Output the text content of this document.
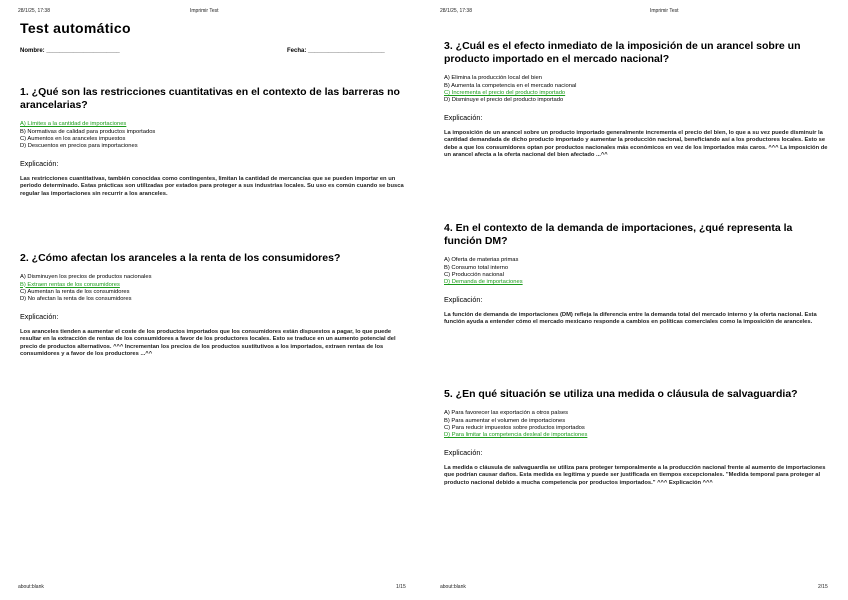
28/1/25, 17:38	Imprimir Test
Test automático
Nombre: ______________________	Fecha: _______________________
1. ¿Qué son las restricciones cuantitativas en el contexto de las barreras no arancelarias?
A) Límites a la cantidad de importaciones
B) Normativas de calidad para productos importados
C) Aumentos en los aranceles impuestos
D) Descuentos en precios para importaciones
Explicación:
Las restricciones cuantitativas, también conocidas como contingentes, limitan la cantidad de mercancías que se pueden importar en un periodo determinado. Estas prácticas son utilizadas por estados para proteger a sus industrias locales. Su uso es común cuando se busca regular las importaciones sin recurrir a los aranceles.
2. ¿Cómo afectan los aranceles a la renta de los consumidores?
A) Disminuyen los precios de productos nacionales
B) Extraen rentas de los consumidores
C) Aumentan la renta de los consumidores
D) No afectan la renta de los consumidores
Explicación:
Los aranceles tienden a aumentar el coste de los productos importados que los consumidores están dispuestos a pagar, lo que puede resultar en la extracción de rentas de los consumidores a favor de los productores locales. Esto se traduce en un aumento potencial del precio de productos alternativos. ^^^ Incrementan los precios de los productos sustitutivos a los importados, extraen rentas de los consumidores y a favor de los productores ...^^
about:blank	1/15
28/1/25, 17:38	Imprimir Test
3. ¿Cuál es el efecto inmediato de la imposición de un arancel sobre un producto importado en el mercado nacional?
A) Elimina la producción local del bien
B) Aumenta la competencia en el mercado nacional
C) Incrementa el precio del producto importado
D) Disminuye el precio del producto importado
Explicación:
La imposición de un arancel sobre un producto importado generalmente incrementa el precio del bien, lo que a su vez puede disminuir la cantidad demandada de dicho producto importado y aumentar la producción nacional, beneficiando así a los productores locales. Esto se debe a que los consumidores optan por productos nacionales más económicos en vez de los importados más caros. ^^^ La imposición de un arancel afecta a la oferta nacional del bien afectado ...^^
4. En el contexto de la demanda de importaciones, ¿qué representa la función DM?
A) Oferta de materias primas
B) Consumo total interno
C) Producción nacional
D) Demanda de importaciones
Explicación:
La función de demanda de importaciones (DM) refleja la diferencia entre la demanda total del mercado interno y la oferta nacional. Esta función ayuda a entender cómo el mercado mexicano responde a cambios en políticas comerciales como la imposición de aranceles.
5. ¿En qué situación se utiliza una medida o cláusula de salvaguardia?
A) Para favorecer las exportación a otros países
B) Para aumentar el volumen de importaciones
C) Para reducir impuestos sobre productos importados
D) Para limitar la competencia desleal de importaciones
Explicación:
La medida o cláusula de salvaguardia se utiliza para proteger temporalmente a la producción nacional frente al aumento de importaciones que podrían causar daños. Esta medida es legítima y puede ser justificada en tiempos excepcionales. "Medida temporal para proteger al producto nacional debido a mucha competencia por productos importados." ^^^ Explicación ^^^
about:blank	2/15
